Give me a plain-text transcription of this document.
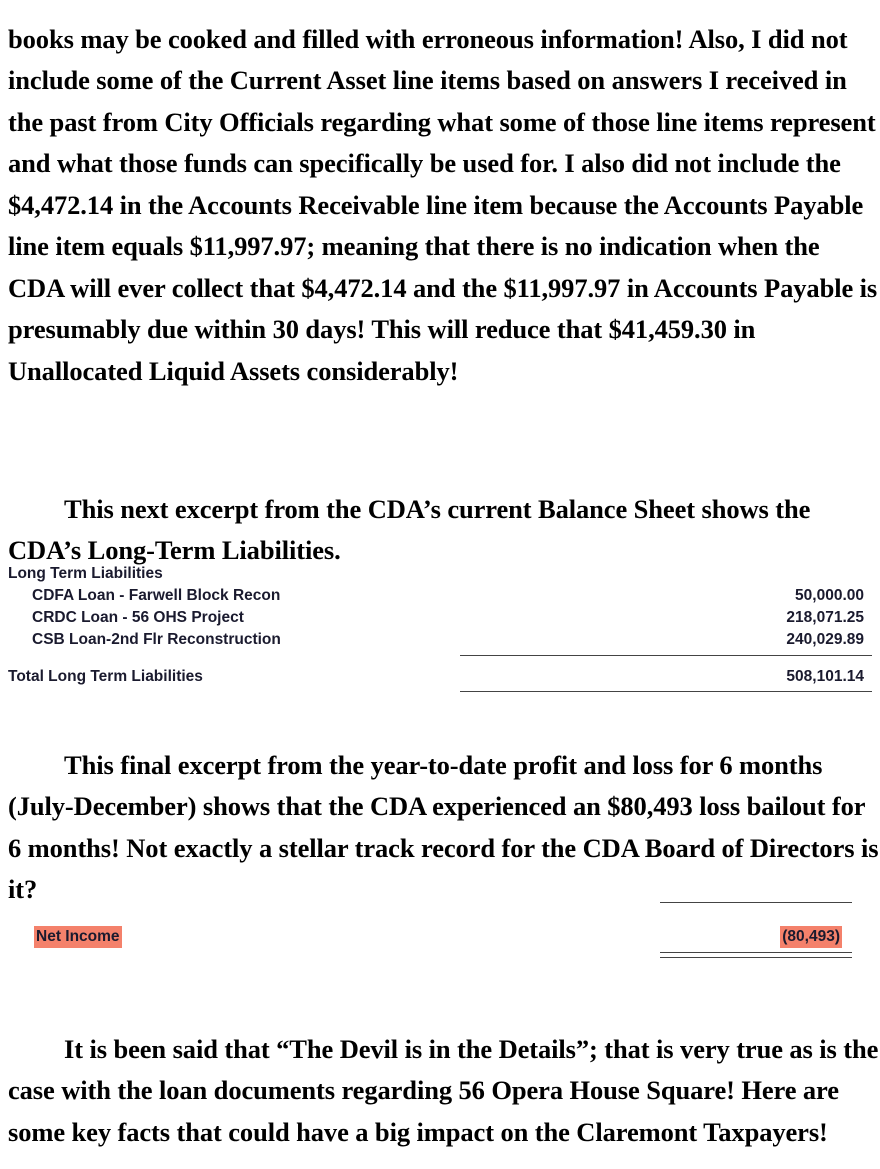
books may be cooked and filled with erroneous information! Also, I did not include some of the Current Asset line items based on answers I received in the past from City Officials regarding what some of those line items represent and what those funds can specifically be used for. I also did not include the $4,472.14 in the Accounts Receivable line item because the Accounts Payable line item equals $11,997.97; meaning that there is no indication when the CDA will ever collect that $4,472.14 and the $11,997.97 in Accounts Payable is presumably due within 30 days! This will reduce that $41,459.30 in Unallocated Liquid Assets considerably!

This next excerpt from the CDA’s current Balance Sheet shows the CDA’s Long-Term Liabilities.

Long Term Liabilities
CDFA Loan - Farwell Block Recon	50,000.00
CRDC Loan - 56 OHS Project	218,071.25
CSB Loan-2nd Flr Reconstruction	240,029.89
Total Long Term Liabilities	508,101.14

This final excerpt from the year-to-date profit and loss for 6 months (July-December) shows that the CDA experienced an $80,493 loss bailout for 6 months! Not exactly a stellar track record for the CDA Board of Directors is it?

Net Income	(80,493)

It is been said that “The Devil is in the Details”; that is very true as is the case with the loan documents regarding 56 Opera House Square! Here are some key facts that could have a big impact on the Claremont Taxpayers!
